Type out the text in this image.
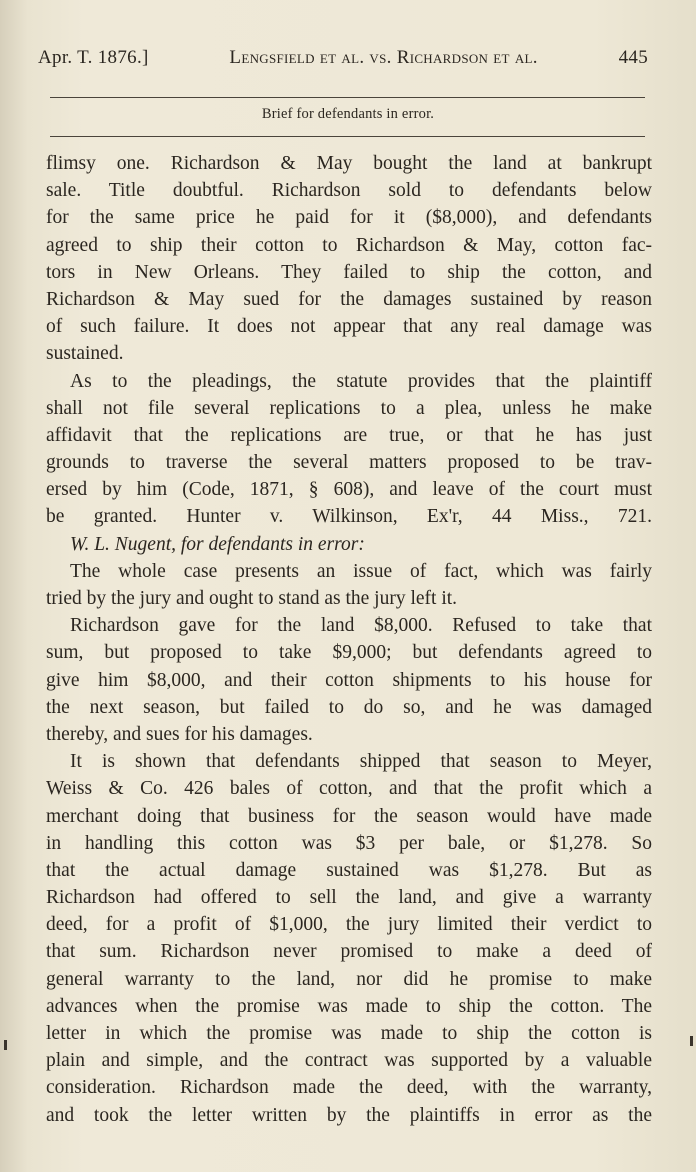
Apr. T. 1876.]	Lengsfield et al. vs. Richardson et al.	445
Brief for defendants in error.
flimsy one. Richardson & May bought the land at bankrupt
sale. Title doubtful. Richardson sold to defendants below
for the same price he paid for it ($8,000), and defendants
agreed to ship their cotton to Richardson & May, cotton fac-
tors in New Orleans. They failed to ship the cotton, and
Richardson & May sued for the damages sustained by reason
of such failure. It does not appear that any real damage was
sustained.
As to the pleadings, the statute provides that the plaintiff
shall not file several replications to a plea, unless he make
affidavit that the replications are true, or that he has just
grounds to traverse the several matters proposed to be trav-
ersed by him (Code, 1871, § 608), and leave of the court must
be granted. Hunter v. Wilkinson, Ex'r, 44 Miss., 721.
W. L. Nugent, for defendants in error:
The whole case presents an issue of fact, which was fairly
tried by the jury and ought to stand as the jury left it.
Richardson gave for the land $8,000. Refused to take that
sum, but proposed to take $9,000; but defendants agreed to
give him $8,000, and their cotton shipments to his house for
the next season, but failed to do so, and he was damaged
thereby, and sues for his damages.
It is shown that defendants shipped that season to Meyer,
Weiss & Co. 426 bales of cotton, and that the profit which a
merchant doing that business for the season would have made
in handling this cotton was $3 per bale, or $1,278. So
that the actual damage sustained was $1,278. But as
Richardson had offered to sell the land, and give a warranty
deed, for a profit of $1,000, the jury limited their verdict to
that sum. Richardson never promised to make a deed of
general warranty to the land, nor did he promise to make
advances when the promise was made to ship the cotton. The
letter in which the promise was made to ship the cotton is
plain and simple, and the contract was supported by a valuable
consideration. Richardson made the deed, with the warranty,
and took the letter written by the plaintiffs in error as the
